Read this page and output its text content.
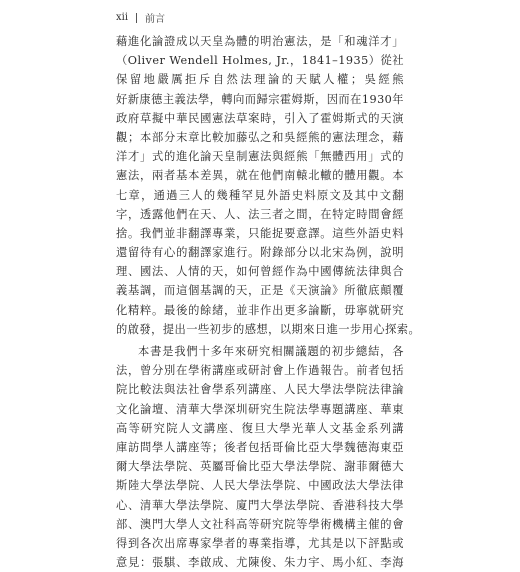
xii 前言
藉進化論證成以天皇為體的明治憲法，是「和魂洋才」
（Oliver Wendell Holmes, Jr.，1841–1935）從社
保留地嚴厲拒斥自然法理論的天賦人權；吳經熊
好新康德主義法學，轉向而歸宗霍姆斯，因而在1930年
政府草擬中華民國憲法草案時，引入了霍姆斯式的天演
觀；本部分末章比較加藤弘之和吳經熊的憲法理念，藉
洋才」式的進化論天皇制憲法與經熊「無體西用」式的
憲法，兩者基本差異，就在他們南轅北轍的體用觀。本
七章，通過三人的幾種罕見外語史料原文及其中文翻
字，透露他們在天、人、法三者之間，在特定時間會經
捨。我們並非翻譯專業，只能捉要意譯。這些外語史料
還留待有心的翻譯家進行。附錄部分以北宋為例，說明
理、國法、人情的天，如何曾經作為中國傳統法律與合
義基調，而這個基調的天，正是《天演論》所徹底顛覆
化精粹。最後的餘緒，並非作出更多論斷，毋寧就研究
的啟發，提出一些初步的感想，以期來日進一步用心探索。
本書是我們十多年來研究相關議題的初步總結，各
法，曾分別在學術講座或研討會上作過報告。前者包括
院比較法與法社會學系列講座、人民大學法學院法律論
文化論壇、清華大學深圳研究生院法學專題講座、華東
高等研究院人文講座、復旦大學光華人文基金系列講
庫訪問學人講座等；後者包括哥倫比亞大學魏德海東亞
爾大學法學院、英屬哥倫比亞大學法學院、謝菲爾德大
斯陸大學法學院、人民大學法學院、中國政法大學法律
心、清華大學法學院、廈門大學法學院、香港科技大學
部、澳門大學人文社科高等研究院等學術機構主催的會
得到各次出席專家學者的專業指導，尤其是以下評點或
意見：張騏、李啟成、尤陳俊、朱力宇、馬小紅、李海
